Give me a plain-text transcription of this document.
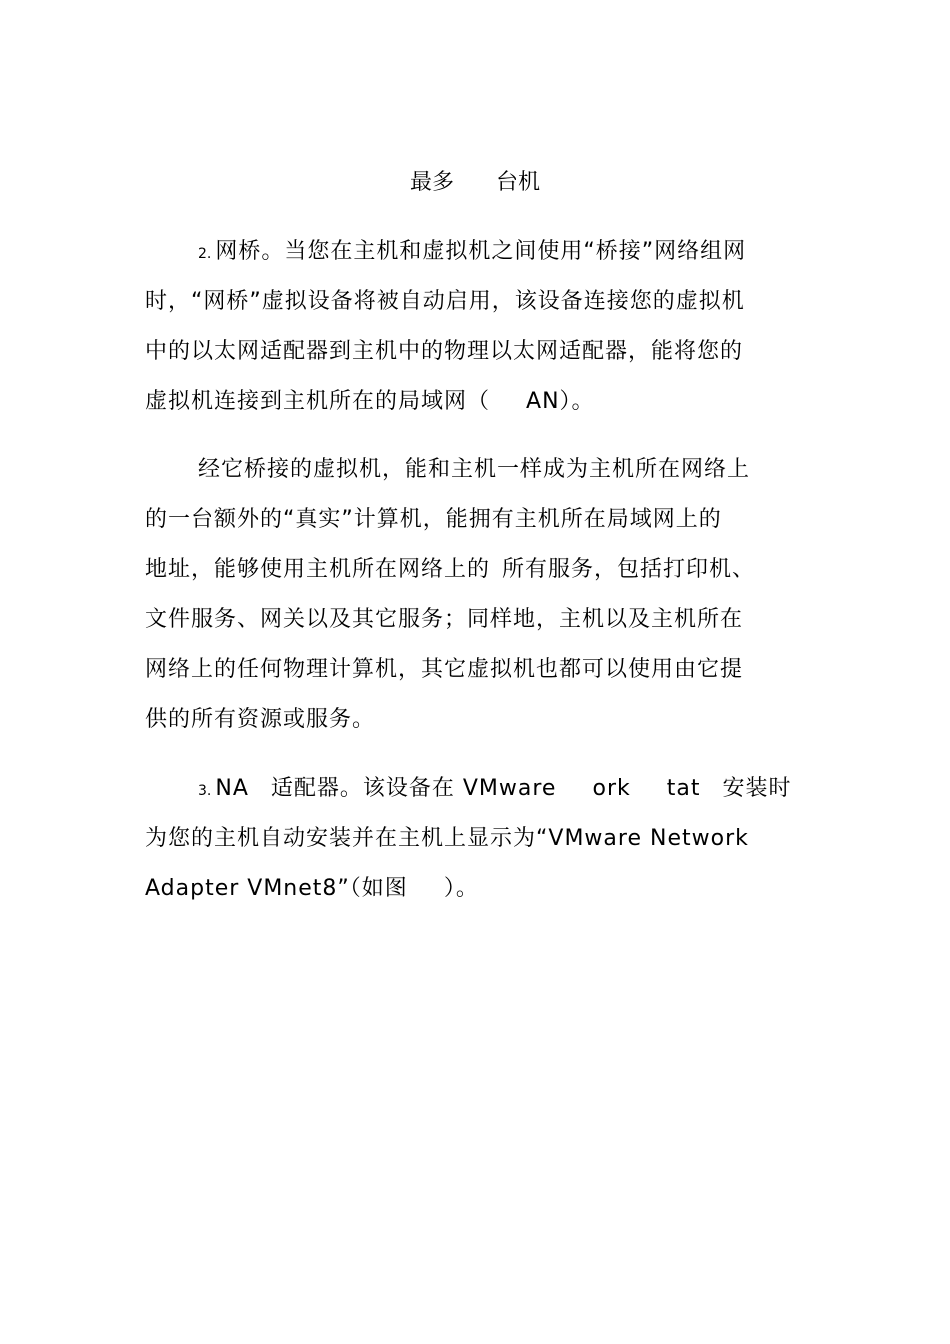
最多 台机
2. 网桥。当您在主机和虚拟机之间使用“桥接”网络组网
时，“网桥”虚拟设备将被自动启用，该设备连接您的虚拟机
中的以太网适配器到主机中的物理以太网适配器，能将您的
虚拟机连接到主机所在的局域网（ AN）。
经它桥接的虚拟机，能和主机一样成为主机所在网络上
的一台额外的“真实”计算机，能拥有主机所在局域网上的
地址，能够使用主机所在网络上的 所有服务，包括打印机、
文件服务、网关以及其它服务；同样地，主机以及主机所在
网络上的任何物理计算机，其它虚拟机也都可以使用由它提
供的所有资源或服务。
3. NA 适配器。该设备在 VMware ork tat 安装时
为您的主机自动安装并在主机上显示为“VMware Network
Adapter VMnet8”（如图 ）。
